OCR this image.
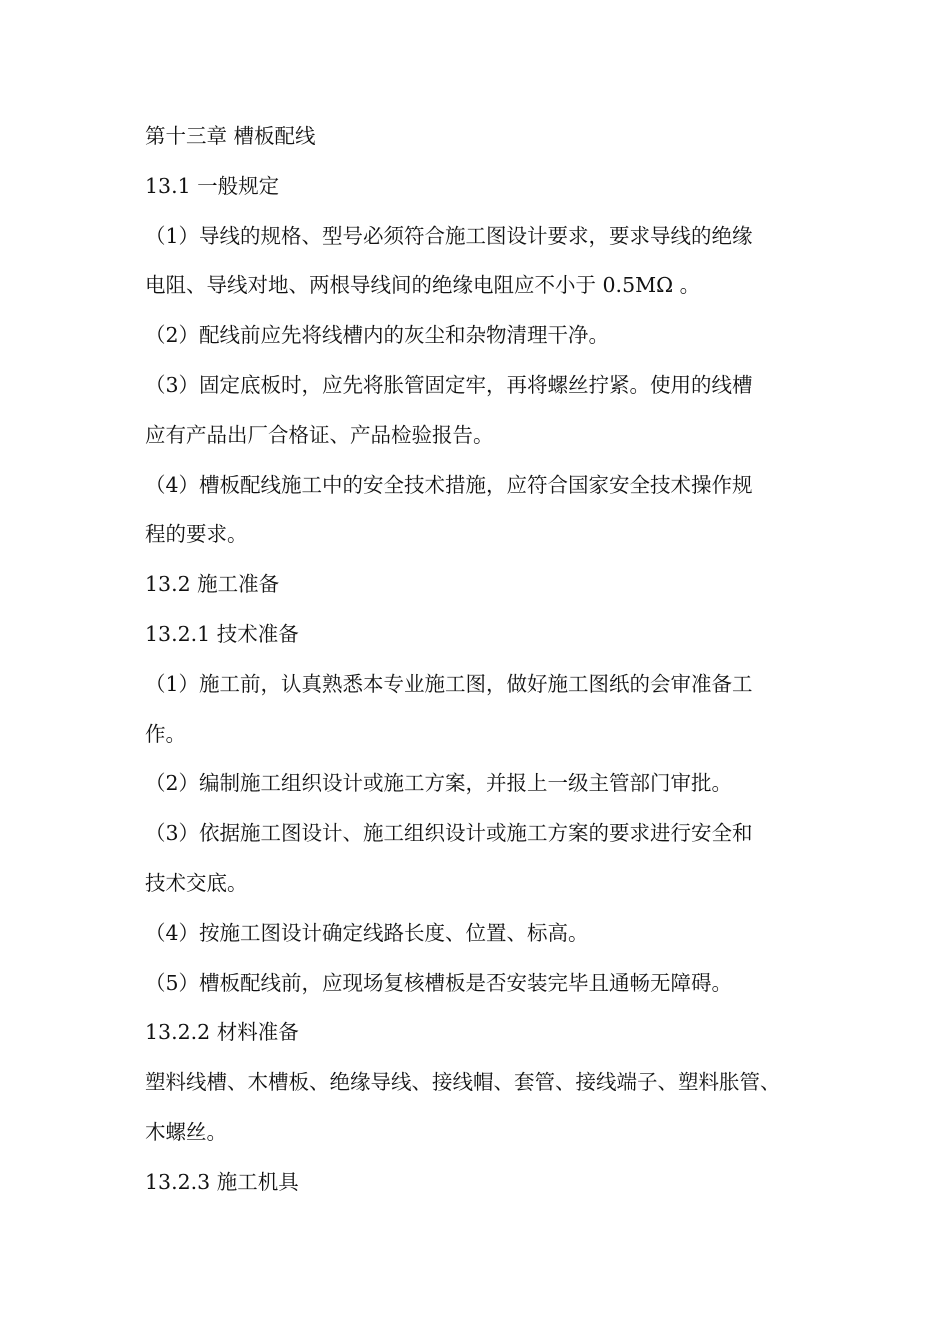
第十三章 槽板配线
13.1 一般规定
（1）导线的规格、型号必须符合施工图设计要求，要求导线的绝缘
电阻、导线对地、两根导线间的绝缘电阻应不小于 0.5MΩ 。
（2）配线前应先将线槽内的灰尘和杂物清理干净。
（3）固定底板时，应先将胀管固定牢，再将螺丝拧紧。使用的线槽
应有产品出厂合格证、产品检验报告。
（4）槽板配线施工中的安全技术措施，应符合国家安全技术操作规
程的要求。
13.2 施工准备
13.2.1 技术准备
（1）施工前，认真熟悉本专业施工图，做好施工图纸的会审准备工
作。
（2）编制施工组织设计或施工方案，并报上一级主管部门审批。
（3）依据施工图设计、施工组织设计或施工方案的要求进行安全和
技术交底。
（4）按施工图设计确定线路长度、位置、标高。
（5）槽板配线前，应现场复核槽板是否安装完毕且通畅无障碍。
13.2.2 材料准备
塑料线槽、木槽板、绝缘导线、接线帽、套管、接线端子、塑料胀管、
木螺丝。
13.2.3 施工机具
